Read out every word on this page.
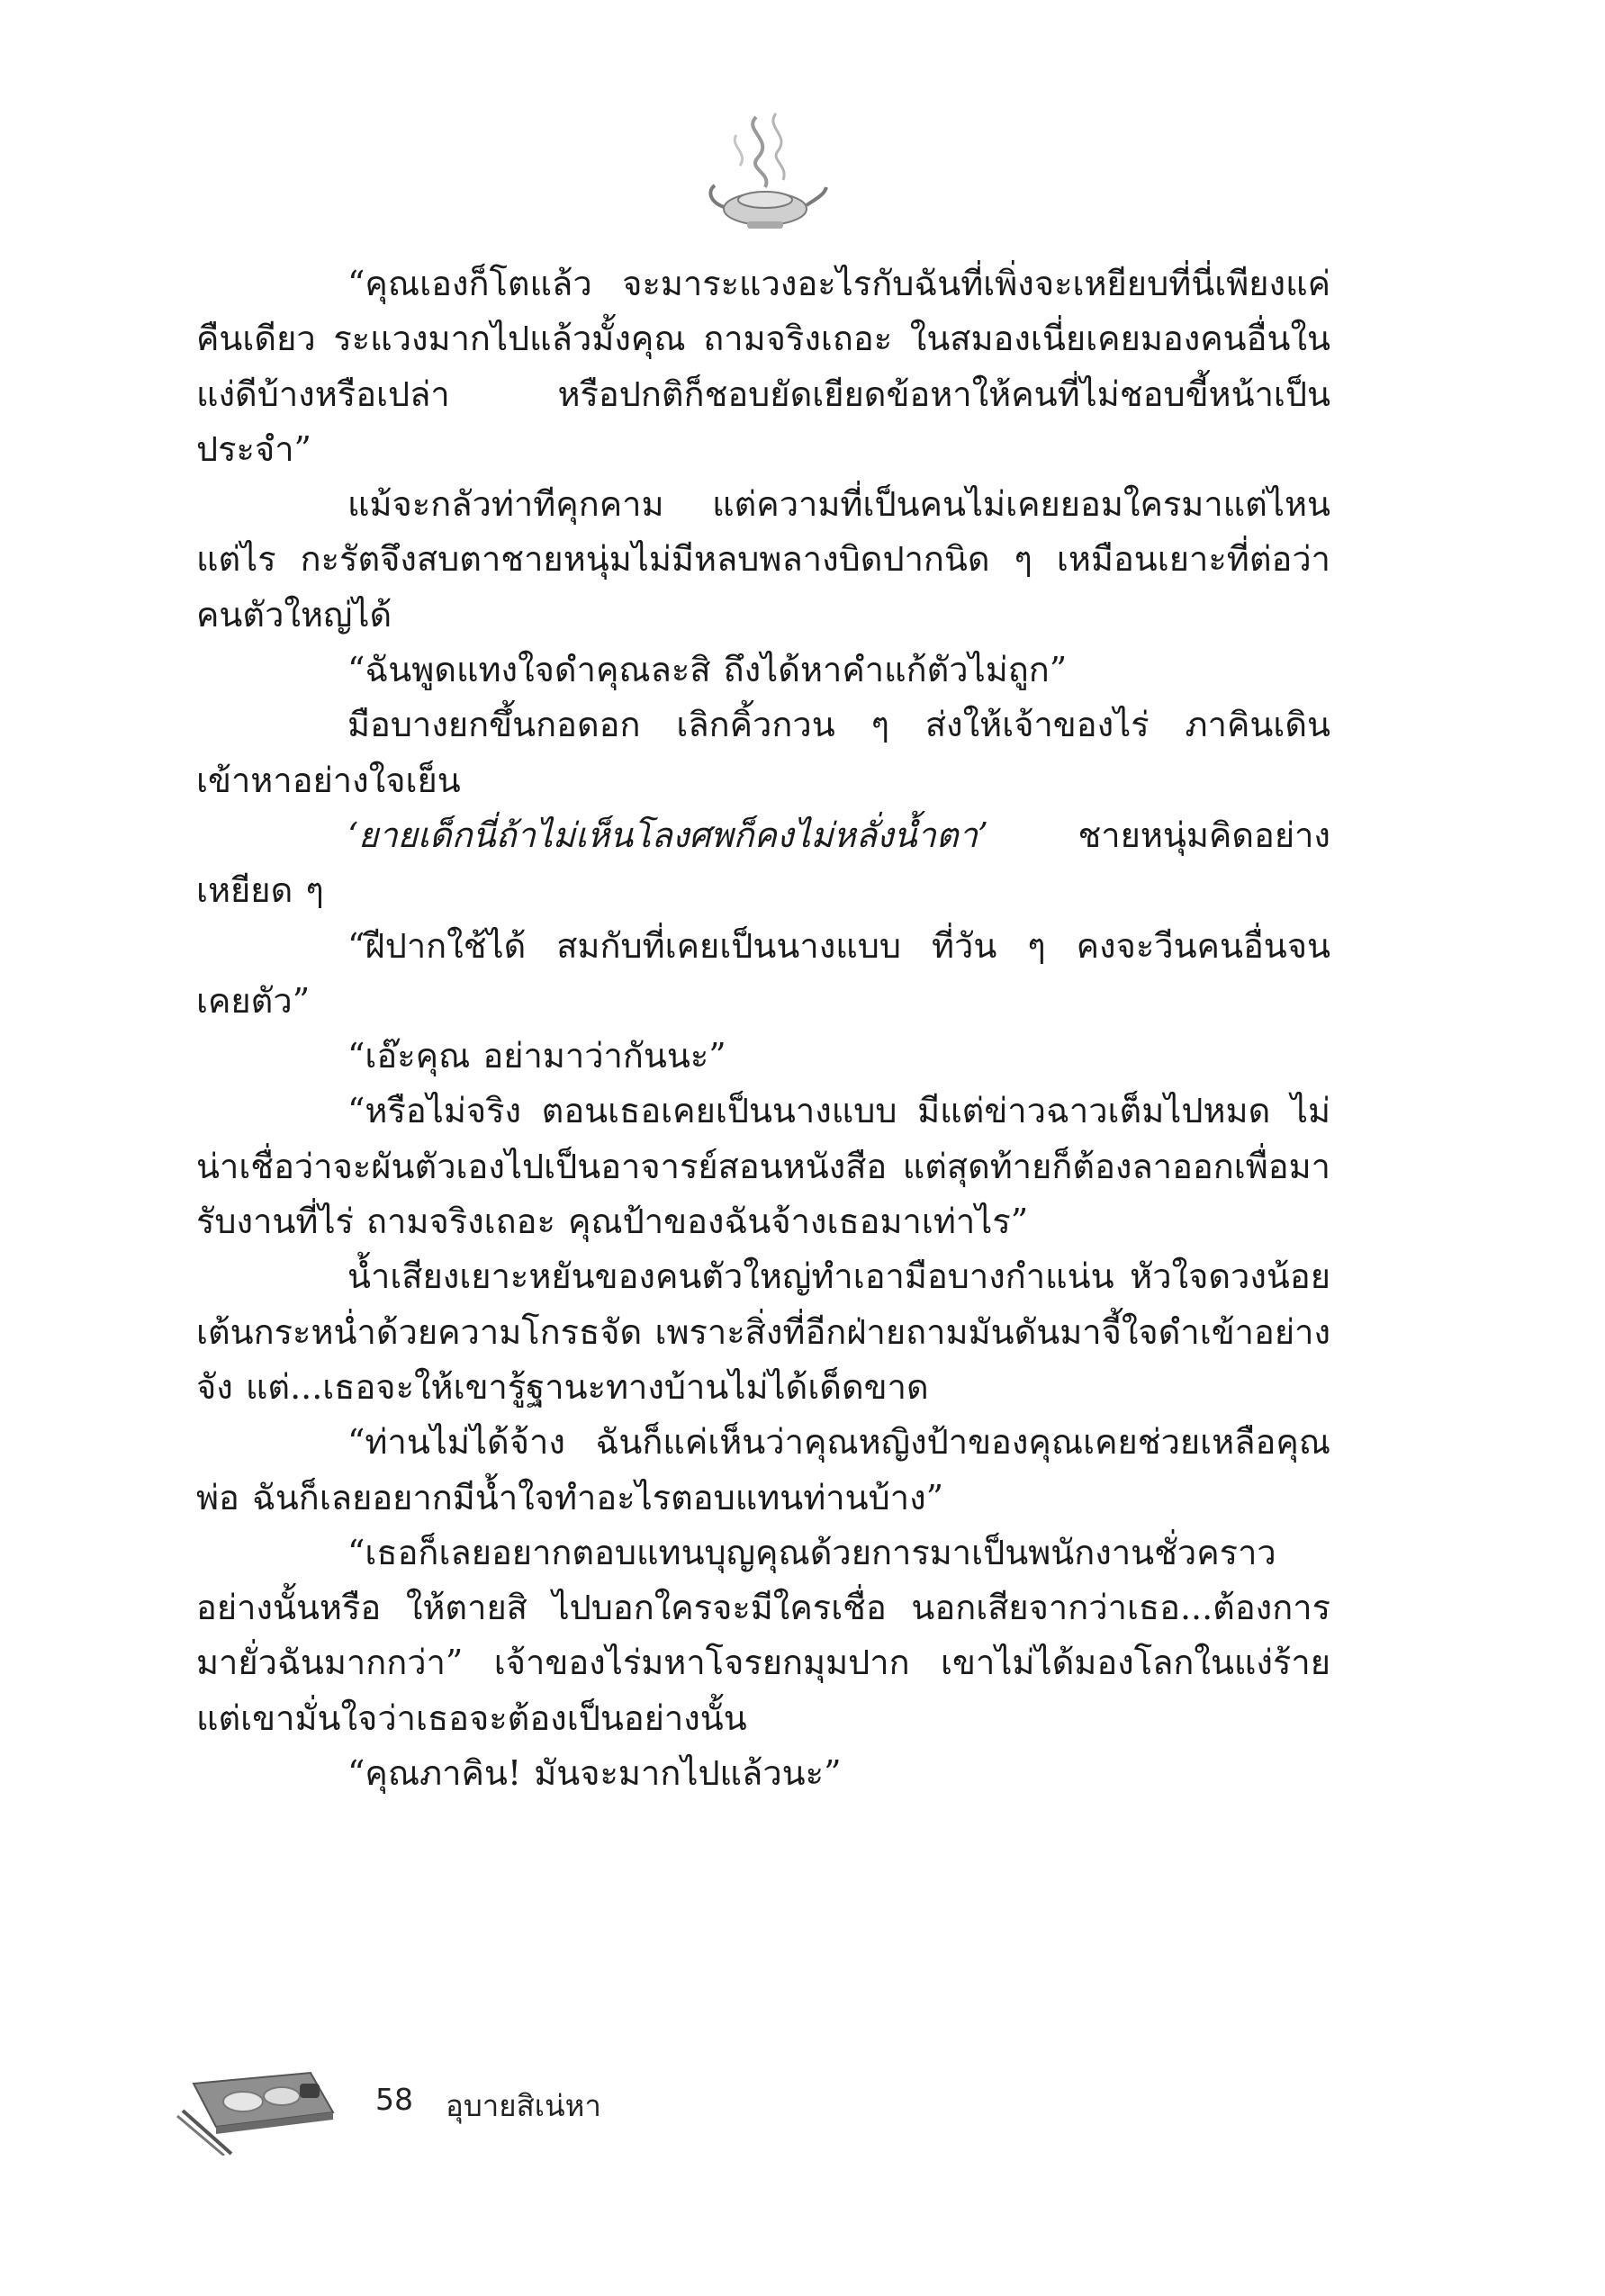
“คุณเองก็โตแล้ว จะมาระแวงอะไรกับฉันที่เพิ่งจะเหยียบที่นี่เพียงแค่คืนเดียว ระแวงมากไปแล้วมั้งคุณ ถามจริงเถอะ ในสมองเนี่ยเคยมองคนอื่นในแง่ดีบ้างหรือเปล่า หรือปกติก็ชอบยัดเยียดข้อหาให้คนที่ไม่ชอบขี้หน้าเป็นประจำ”

แม้จะกลัวท่าทีคุกคาม แต่ความที่เป็นคนไม่เคยยอมใครมาแต่ไหนแต่ไร กะรัตจึงสบตาชายหนุ่มไม่มีหลบพลางบิดปากนิด ๆ เหมือนเยาะที่ต่อว่าคนตัวใหญ่ได้

“ฉันพูดแทงใจดำคุณละสิ ถึงได้หาคำแก้ตัวไม่ถูก”

มือบางยกขึ้นกอดอก เลิกคิ้วกวน ๆ ส่งให้เจ้าของไร่ ภาคินเดินเข้าหาอย่างใจเย็น

‘ยายเด็กนี่ถ้าไม่เห็นโลงศพก็คงไม่หลั่งน้ำตา’ ชายหนุ่มคิดอย่างเหยียด ๆ

“ฝีปากใช้ได้ สมกับที่เคยเป็นนางแบบ ที่วัน ๆ คงจะวีนคนอื่นจนเคยตัว”

“เอ๊ะคุณ อย่ามาว่ากันนะ”

“หรือไม่จริง ตอนเธอเคยเป็นนางแบบ มีแต่ข่าวฉาวเต็มไปหมด ไม่น่าเชื่อว่าจะผันตัวเองไปเป็นอาจารย์สอนหนังสือ แต่สุดท้ายก็ต้องลาออกเพื่อมารับงานที่ไร่ ถามจริงเถอะ คุณป้าของฉันจ้างเธอมาเท่าไร”

น้ำเสียงเยาะหยันของคนตัวใหญ่ทำเอามือบางกำแน่น หัวใจดวงน้อยเต้นกระหน่ำด้วยความโกรธจัด เพราะสิ่งที่อีกฝ่ายถามมันดันมาจี้ใจดำเข้าอย่างจัง แต่...เธอจะให้เขารู้ฐานะทางบ้านไม่ได้เด็ดขาด

“ท่านไม่ได้จ้าง ฉันก็แค่เห็นว่าคุณหญิงป้าของคุณเคยช่วยเหลือคุณพ่อ ฉันก็เลยอยากมีน้ำใจทำอะไรตอบแทนท่านบ้าง”

“เธอก็เลยอยากตอบแทนบุญคุณด้วยการมาเป็นพนักงานชั่วคราวอย่างนั้นหรือ ให้ตายสิ ไปบอกใครจะมีใครเชื่อ นอกเสียจากว่าเธอ...ต้องการมายั่วฉันมากกว่า” เจ้าของไร่มหาโจรยกมุมปาก เขาไม่ได้มองโลกในแง่ร้าย แต่เขามั่นใจว่าเธอจะต้องเป็นอย่างนั้น

“คุณภาคิน! มันจะมากไปแล้วนะ”

58 อุบายสิเน่หา
